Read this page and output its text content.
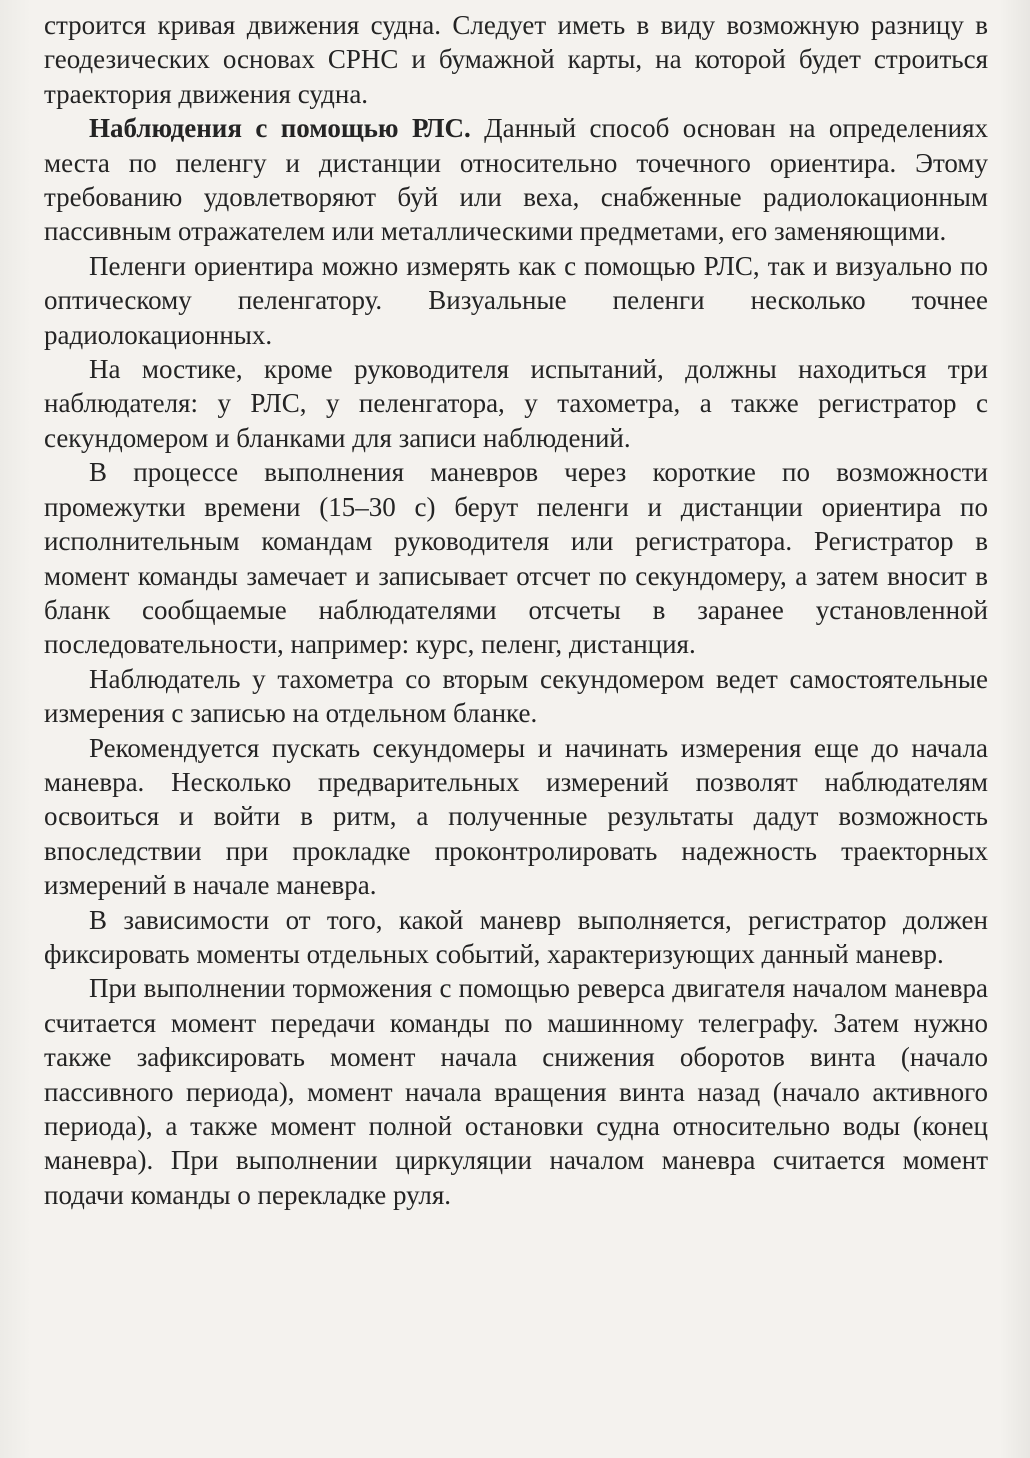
строится кривая движения судна. Следует иметь в виду возможную разницу в геодезических основах СРНС и бумажной карты, на которой будет строиться траектория движения судна.

Наблюдения с помощью РЛС. Данный способ основан на определениях места по пеленгу и дистанции относительно точечного ориентира. Этому требованию удовлетворяют буй или веха, снабженные радиолокационным пассивным отражателем или металлическими предметами, его заменяющими.

Пеленги ориентира можно измерять как с помощью РЛС, так и визуально по оптическому пеленгатору. Визуальные пеленги несколько точнее радиолокационных.

На мостике, кроме руководителя испытаний, должны находиться три наблюдателя: у РЛС, у пеленгатора, у тахометра, а также регистратор с секундомером и бланками для записи наблюдений.

В процессе выполнения маневров через короткие по возможности промежутки времени (15–30 с) берут пеленги и дистанции ориентира по исполнительным командам руководителя или регистратора. Регистратор в момент команды замечает и записывает отсчет по секундомеру, а затем вносит в бланк сообщаемые наблюдателями отсчеты в заранее установленной последовательности, например: курс, пеленг, дистанция.

Наблюдатель у тахометра со вторым секундомером ведет самостоятельные измерения с записью на отдельном бланке.

Рекомендуется пускать секундомеры и начинать измерения еще до начала маневра. Несколько предварительных измерений позволят наблюдателям освоиться и войти в ритм, а полученные результаты дадут возможность впоследствии при прокладке проконтролировать надежность траекторных измерений в начале маневра.

В зависимости от того, какой маневр выполняется, регистратор должен фиксировать моменты отдельных событий, характеризующих данный маневр.

При выполнении торможения с помощью реверса двигателя началом маневра считается момент передачи команды по машинному телеграфу. Затем нужно также зафиксировать момент начала снижения оборотов винта (начало пассивного периода), момент начала вращения винта назад (начало активного периода), а также момент полной остановки судна относительно воды (конец маневра). При выполнении циркуляции началом маневра считается момент подачи команды о перекладке руля.
